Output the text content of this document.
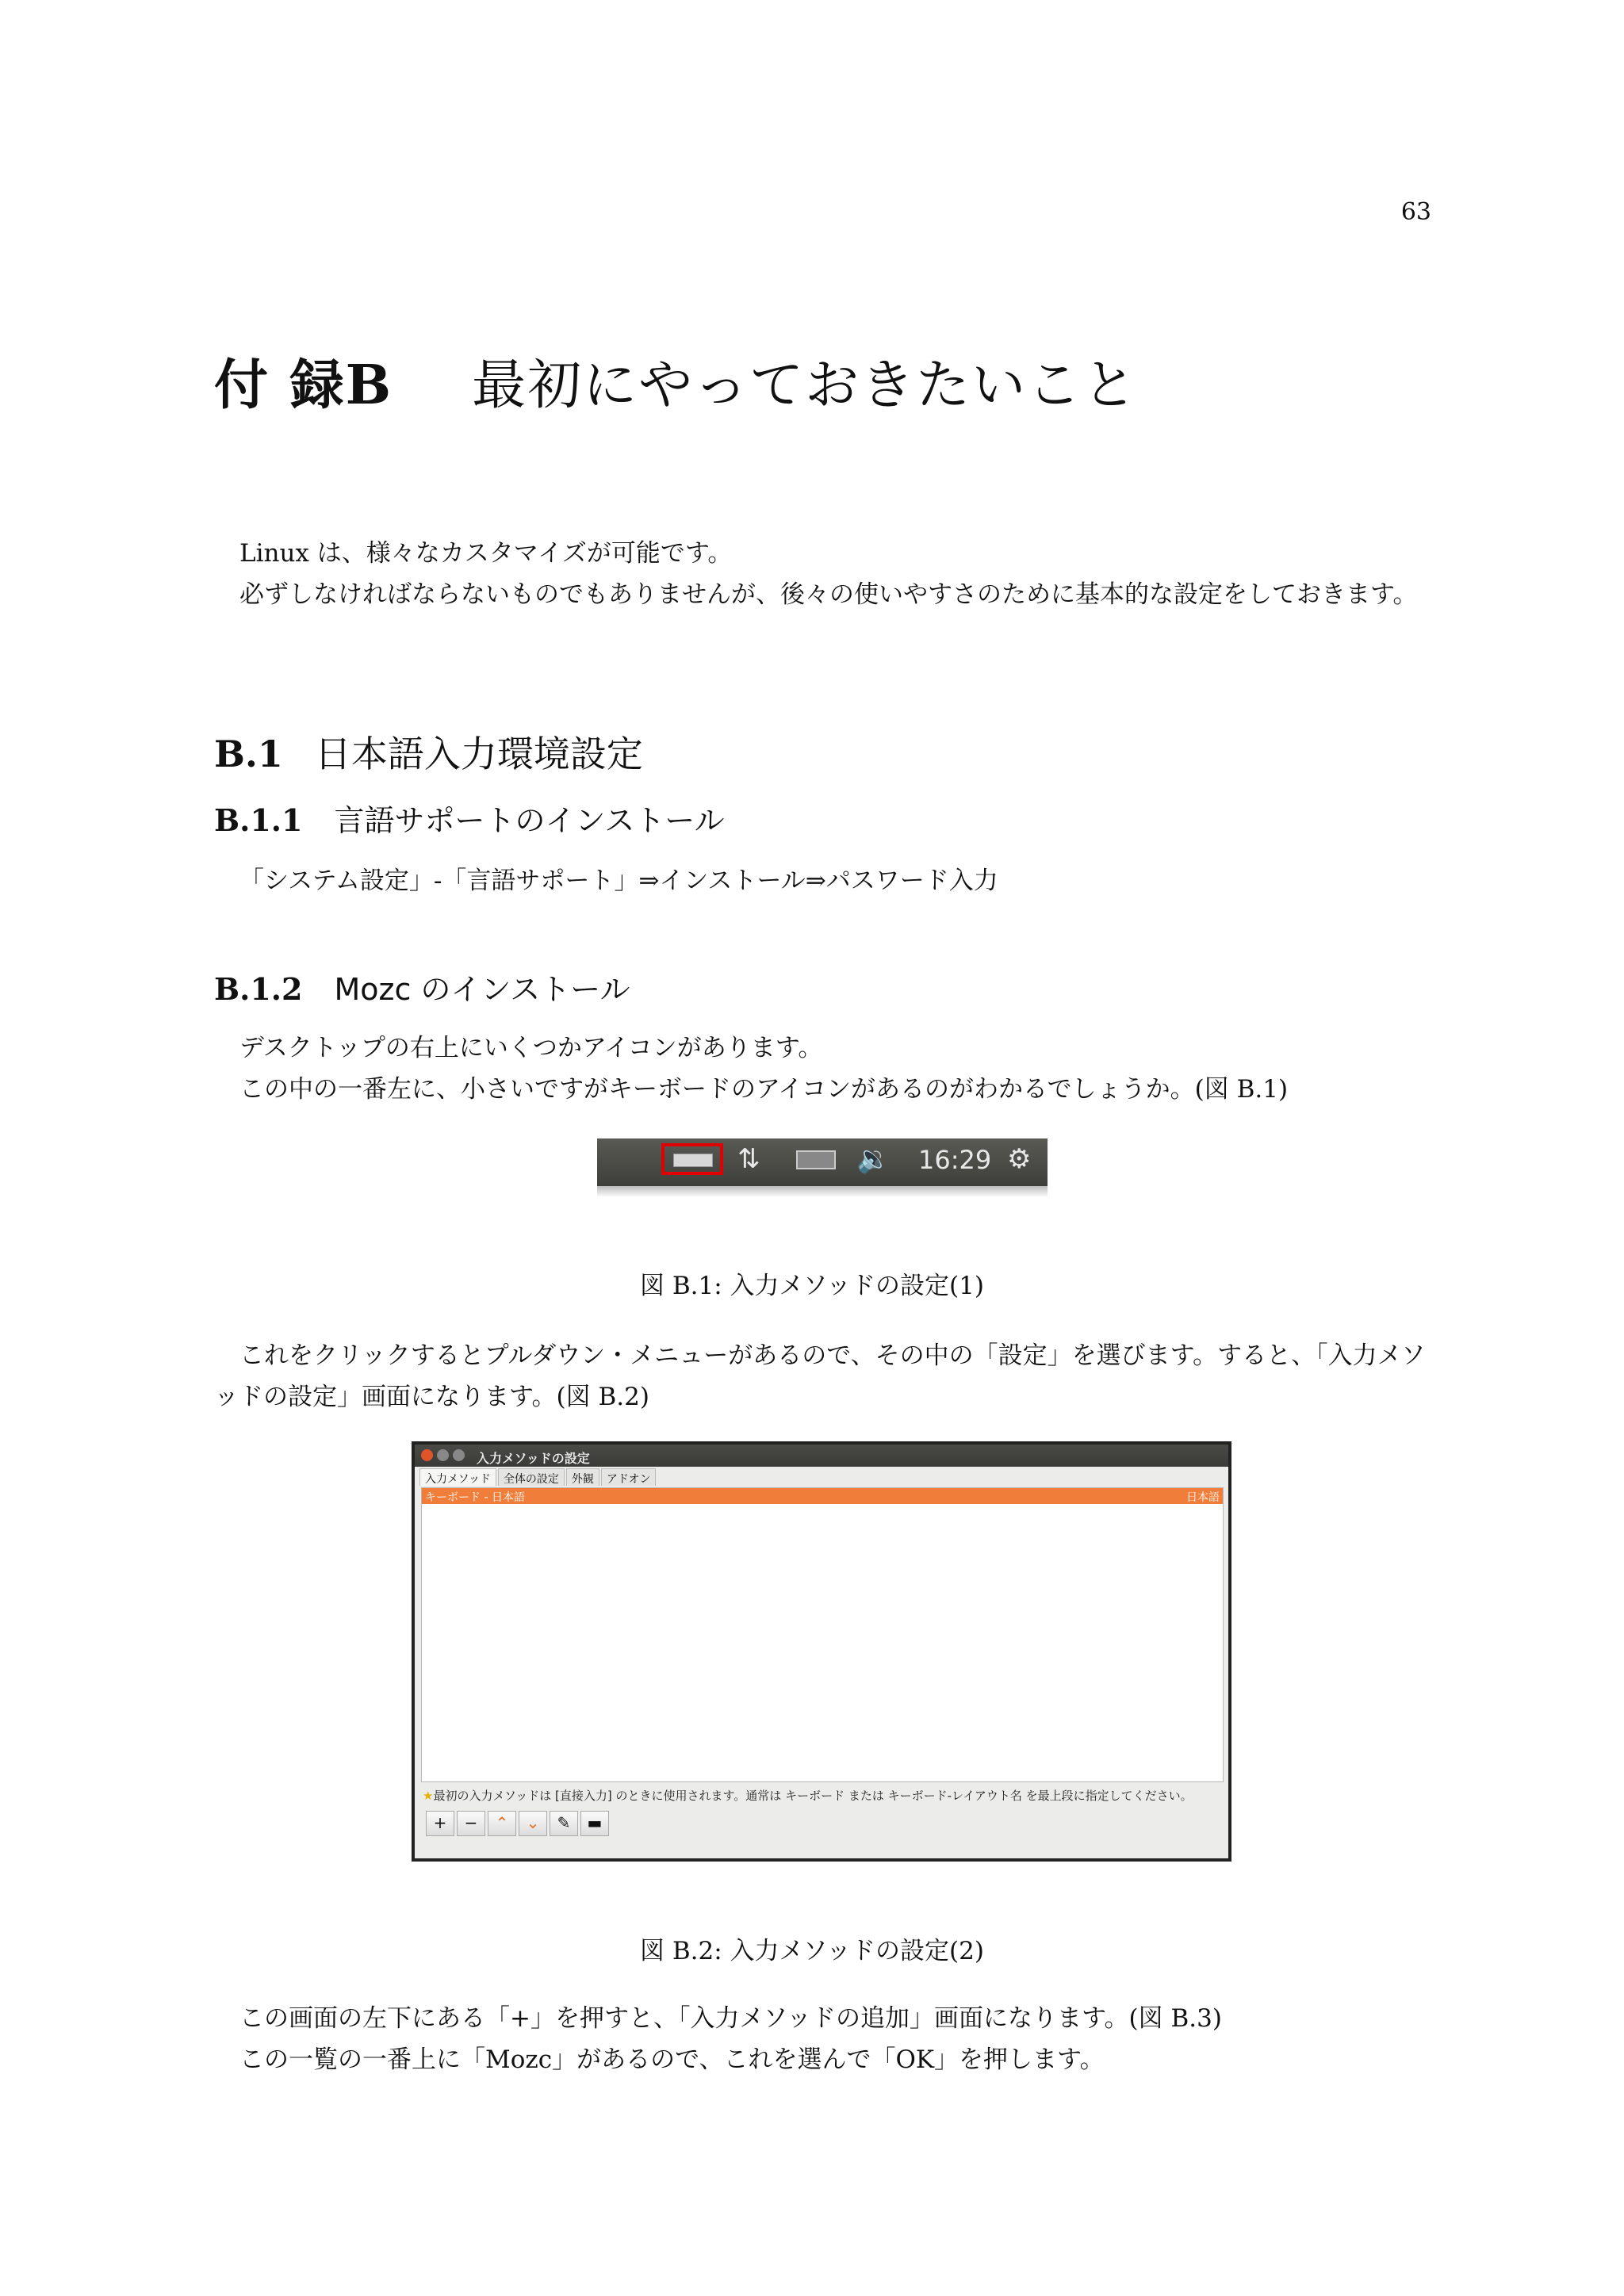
63
付 録B 最初にやっておきたいこと

Linux は、様々なカスタマイズが可能です。

必ずしなければならないものでもありませんが、後々の使いやすさのために基本的な設定をしておきます。

B.1 日本語入力環境設定
B.1.1 言語サポートのインストール

「システム設定」-「言語サポート」⇒インストール⇒パスワード入力

B.1.2 Mozc のインストール

デスクトップの右上にいくつかアイコンがあります。

この中の一番左に、小さいですがキーボードのアイコンがあるのがわかるでしょうか。(図 B.1)

⇅	🔉 16:29 ⚙
図 B.1: 入力メソッドの設定(1)

これをクリックするとプルダウン・メニューがあるので、その中の「設定」を選びます。すると、「入力メソッドの設定」画面になります。(図 B.2)

入力メソッドの設定
入力メソッド	全体の設定	外観	アドオン
キーボード - 日本語	日本語
★最初の入力メソッドは [直接入力] のときに使用されます。通常は キーボード または キーボード-レイアウト名 を最上段に指定してください。
+	−	⌃	⌄	✎	▬
図 B.2: 入力メソッドの設定(2)

この画面の左下にある「+」を押すと、「入力メソッドの追加」画面になります。(図 B.3)

この一覧の一番上に「Mozc」があるので、これを選んで「OK」を押します。
